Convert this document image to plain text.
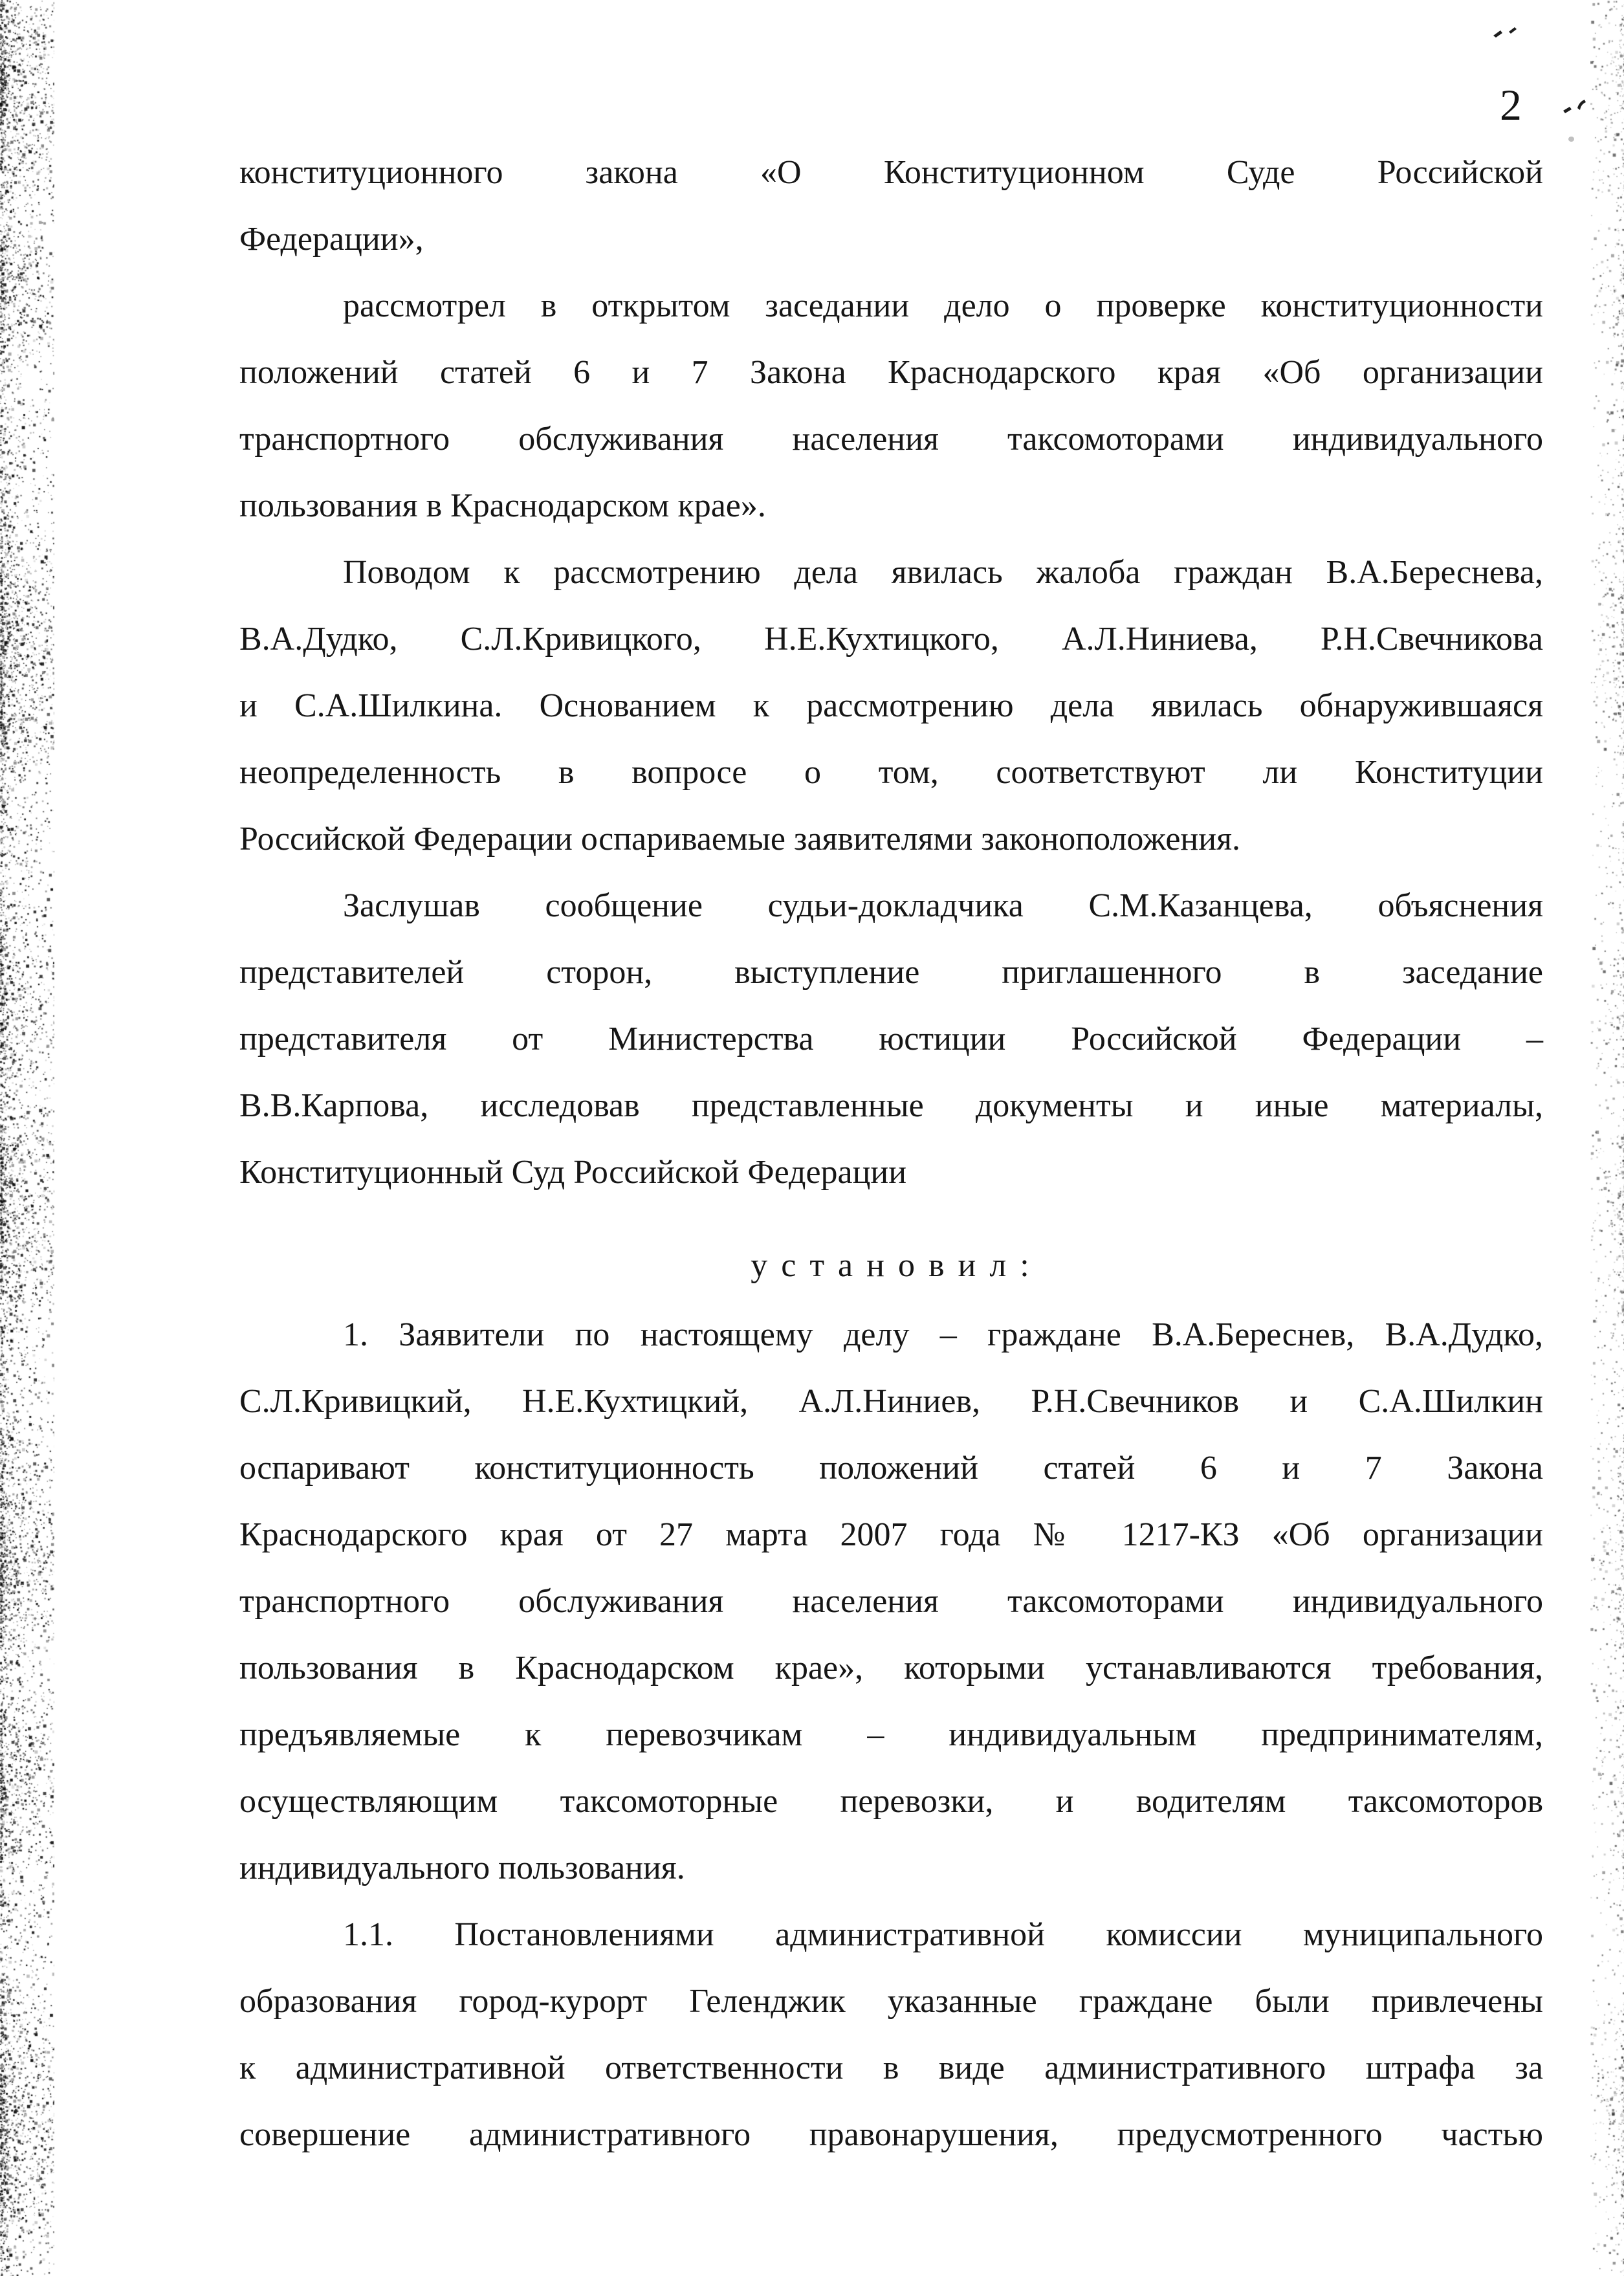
2
конституционного закона «О Конституционном Суде Российской
Федерации»,
рассмотрел в открытом заседании дело о проверке конституционности
положений статей 6 и 7 Закона Краснодарского края «Об организации
транспортного обслуживания населения таксомоторами индивидуального
пользования в Краснодарском крае».
Поводом к рассмотрению дела явилась жалоба граждан В.А.Береснева,
В.А.Дудко, С.Л.Кривицкого, Н.Е.Кухтицкого, А.Л.Ниниева, Р.Н.Свечникова
и С.А.Шилкина. Основанием к рассмотрению дела явилась обнаружившаяся
неопределенность в вопросе о том, соответствуют ли Конституции
Российской Федерации оспариваемые заявителями законоположения.
Заслушав сообщение судьи-докладчика С.М.Казанцева, объяснения
представителей сторон, выступление приглашенного в заседание
представителя от Министерства юстиции Российской Федерации –
В.В.Карпова, исследовав представленные документы и иные материалы,
Конституционный Суд Российской Федерации
у с т а н о в и л :
1. Заявители по настоящему делу – граждане В.А.Береснев, В.А.Дудко,
С.Л.Кривицкий, Н.Е.Кухтицкий, А.Л.Ниниев, Р.Н.Свечников и С.А.Шилкин
оспаривают конституционность положений статей 6 и 7 Закона
Краснодарского края от 27 марта 2007 года № 1217-КЗ «Об организации
транспортного обслуживания населения таксомоторами индивидуального
пользования в Краснодарском крае», которыми устанавливаются требования,
предъявляемые к перевозчикам – индивидуальным предпринимателям,
осуществляющим таксомоторные перевозки, и водителям таксомоторов
индивидуального пользования.
1.1. Постановлениями административной комиссии муниципального
образования город-курорт Геленджик указанные граждане были привлечены
к административной ответственности в виде административного штрафа за
совершение административного правонарушения, предусмотренного частью
